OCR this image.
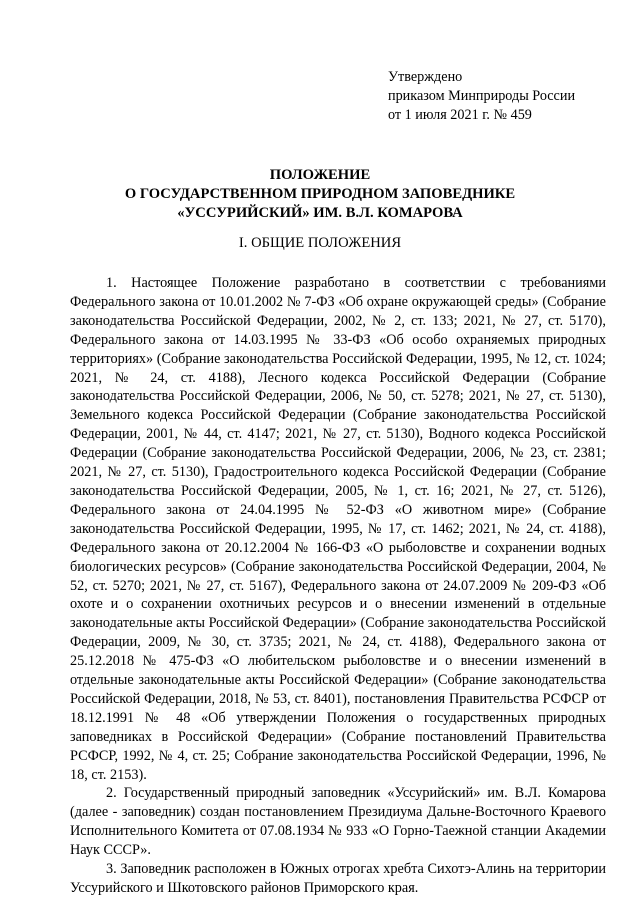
Утверждено
приказом Минприроды России
от 1 июля 2021 г. № 459
ПОЛОЖЕНИЕ
О ГОСУДАРСТВЕННОМ ПРИРОДНОМ ЗАПОВЕДНИКЕ
«УССУРИЙСКИЙ» ИМ. В.Л. КОМАРОВА
I. ОБЩИЕ ПОЛОЖЕНИЯ

1. Настоящее Положение разработано в соответствии с требованиями Федерального закона от 10.01.2002 № 7-ФЗ «Об охране окружающей среды» (Собрание законодательства Российской Федерации, 2002, № 2, ст. 133; 2021, № 27, ст. 5170), Федерального закона от 14.03.1995 № 33-ФЗ «Об особо охраняемых природных территориях» (Собрание законодательства Российской Федерации, 1995, № 12, ст. 1024; 2021, № 24, ст. 4188), Лесного кодекса Российской Федерации (Собрание законодательства Российской Федерации, 2006, № 50, ст. 5278; 2021, № 27, ст. 5130), Земельного кодекса Российской Федерации (Собрание законодательства Российской Федерации, 2001, № 44, ст. 4147; 2021, № 27, ст. 5130), Водного кодекса Российской Федерации (Собрание законодательства Российской Федерации, 2006, № 23, ст. 2381; 2021, № 27, ст. 5130), Градостроительного кодекса Российской Федерации (Собрание законодательства Российской Федерации, 2005, № 1, ст. 16; 2021, № 27, ст. 5126), Федерального закона от 24.04.1995 № 52-ФЗ «О животном мире» (Собрание законодательства Российской Федерации, 1995, № 17, ст. 1462; 2021, № 24, ст. 4188), Федерального закона от 20.12.2004 № 166-ФЗ «О рыболовстве и сохранении водных биологических ресурсов» (Собрание законодательства Российской Федерации, 2004, № 52, ст. 5270; 2021, № 27, ст. 5167), Федерального закона от 24.07.2009 № 209-ФЗ «Об охоте и о сохранении охотничьих ресурсов и о внесении изменений в отдельные законодательные акты Российской Федерации» (Собрание законодательства Российской Федерации, 2009, № 30, ст. 3735; 2021, № 24, ст. 4188), Федерального закона от 25.12.2018 № 475-ФЗ «О любительском рыболовстве и о внесении изменений в отдельные законодательные акты Российской Федерации» (Собрание законодательства Российской Федерации, 2018, № 53, ст. 8401), постановления Правительства РСФСР от 18.12.1991 № 48 «Об утверждении Положения о государственных природных заповедниках в Российской Федерации» (Собрание постановлений Правительства РСФСР, 1992, № 4, ст. 25; Собрание законодательства Российской Федерации, 1996, № 18, ст. 2153).

2. Государственный природный заповедник «Уссурийский» им. В.Л. Комарова (далее - заповедник) создан постановлением Президиума Дальне-Восточного Краевого Исполнительного Комитета от 07.08.1934 № 933 «О Горно-Таежной станции Академии Наук СССР».

3. Заповедник расположен в Южных отрогах хребта Сихотэ-Алинь на территории Уссурийского и Шкотовского районов Приморского края.
